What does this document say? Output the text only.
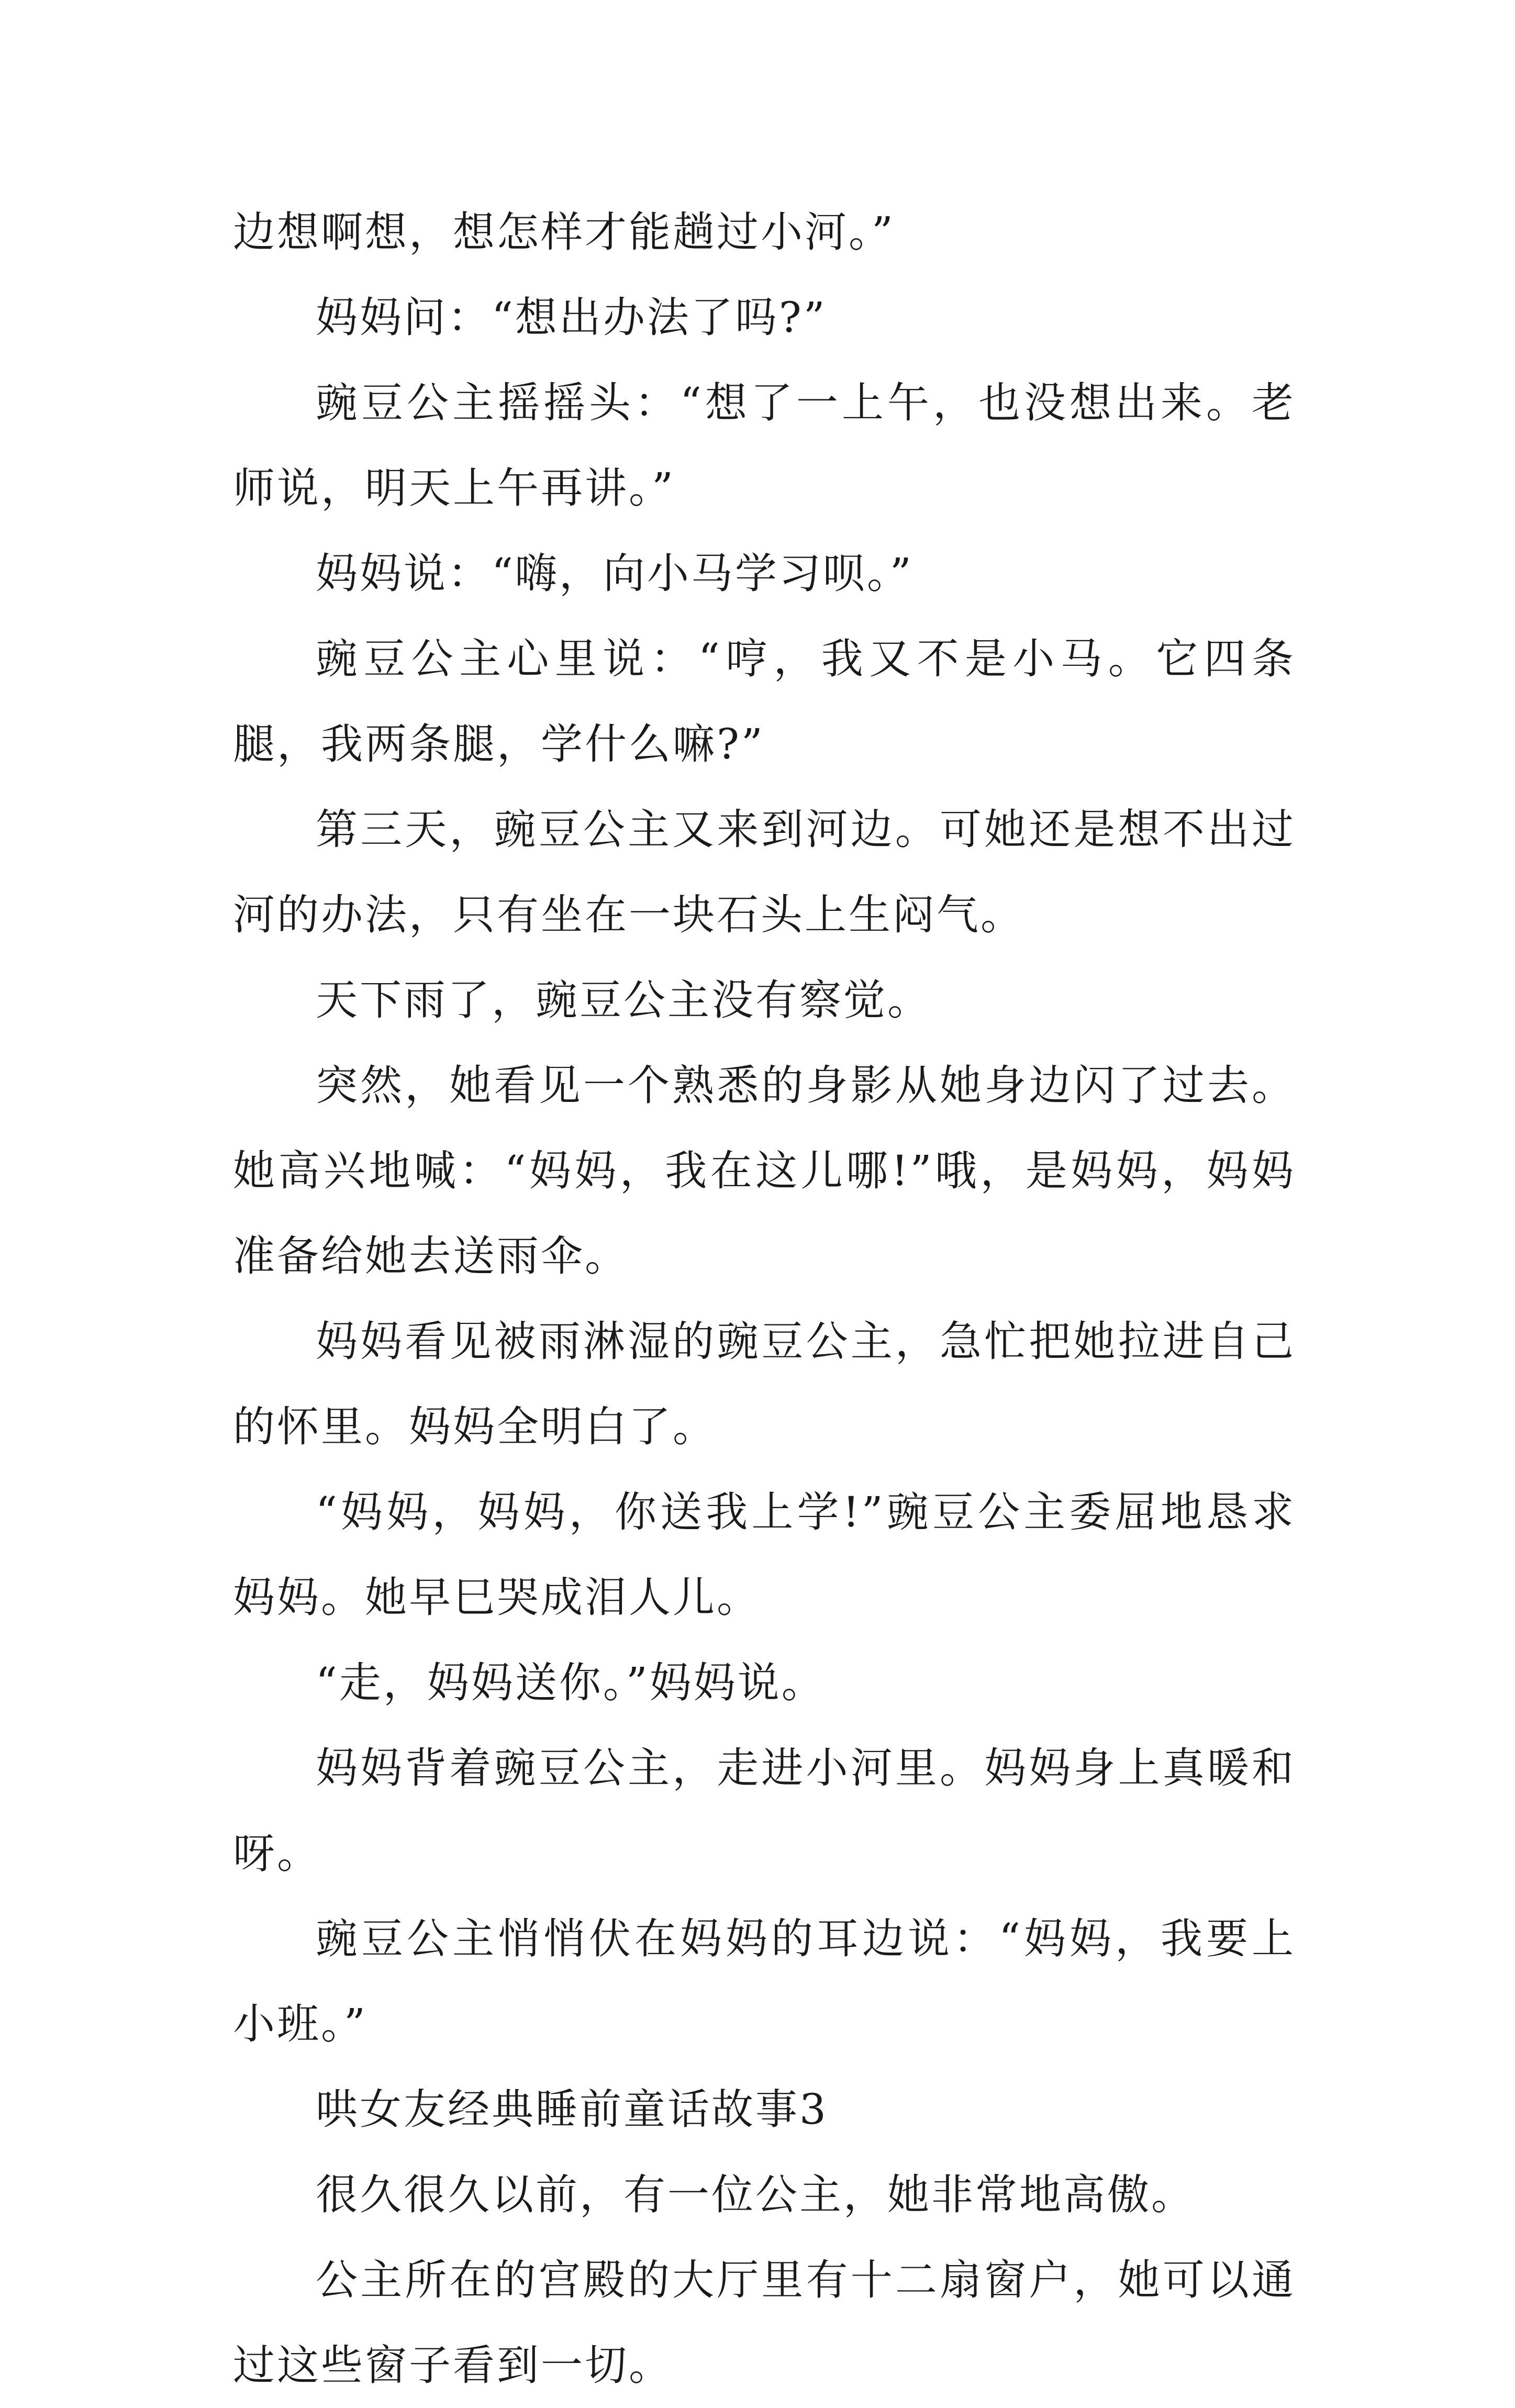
边想啊想，想怎样才能趟过小河。”

妈妈问：“想出办法了吗?”

豌豆公主摇摇头：“想了一上午，也没想出来。老师说，明天上午再讲。”

妈妈说：“嗨，向小马学习呗。”

豌豆公主心里说：“哼，我又不是小马。它四条腿，我两条腿，学什么嘛?”

第三天，豌豆公主又来到河边。可她还是想不出过河的办法，只有坐在一块石头上生闷气。

天下雨了，豌豆公主没有察觉。

突然，她看见一个熟悉的身影从她身边闪了过去。她高兴地喊：“妈妈，我在这儿哪!”哦，是妈妈，妈妈准备给她去送雨伞。

妈妈看见被雨淋湿的豌豆公主，急忙把她拉进自己的怀里。妈妈全明白了。

“妈妈，妈妈，你送我上学!”豌豆公主委屈地恳求妈妈。她早巳哭成泪人儿。

“走，妈妈送你。”妈妈说。

妈妈背着豌豆公主，走进小河里。妈妈身上真暖和呀。

豌豆公主悄悄伏在妈妈的耳边说：“妈妈，我要上小班。”

哄女友经典睡前童话故事3

很久很久以前，有一位公主，她非常地高傲。

公主所在的宫殿的大厅里有十二扇窗户，她可以通过这些窗子看到一切。
